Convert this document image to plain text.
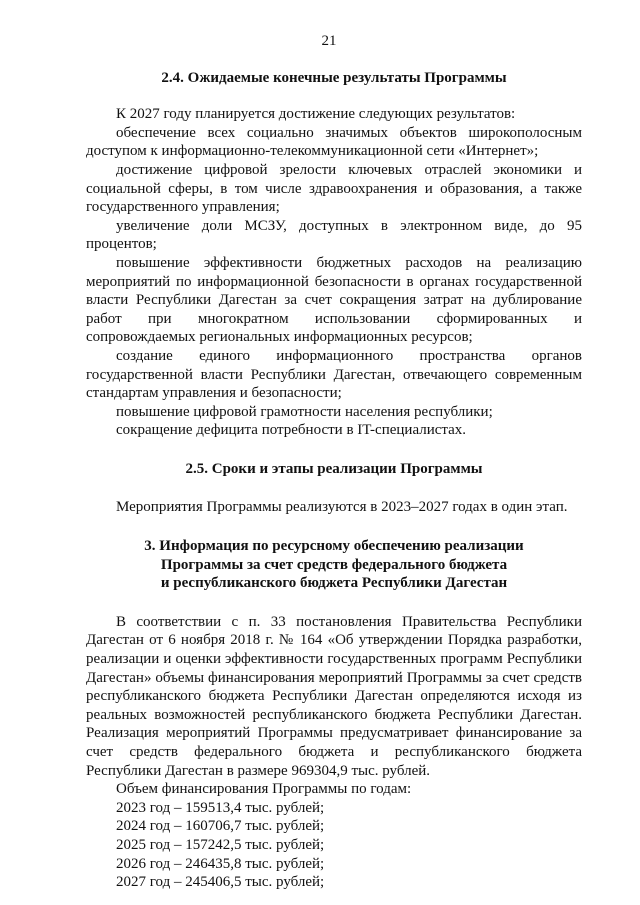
21
2.4. Ожидаемые конечные результаты Программы

К 2027 году планируется достижение следующих результатов:

обеспечение всех социально значимых объектов широкополосным доступом к информационно-телекоммуникационной сети «Интернет»;

достижение цифровой зрелости ключевых отраслей экономики и социальной сферы, в том числе здравоохранения и образования, а также государственного управления;

увеличение доли МСЗУ, доступных в электронном виде, до 95 процентов;

повышение эффективности бюджетных расходов на реализацию мероприятий по информационной безопасности в органах государственной власти Республики Дагестан за счет сокращения затрат на дублирование работ при многократном использовании сформированных и сопровождаемых региональных информационных ресурсов;

создание единого информационного пространства органов государственной власти Республики Дагестан, отвечающего современным стандартам управления и безопасности;

повышение цифровой грамотности населения республики;

сокращение дефицита потребности в IT-специалистах.

2.5. Сроки и этапы реализации Программы

Мероприятия Программы реализуются в 2023–2027 годах в один этап.

3. Информация по ресурсному обеспечению реализации
Программы за счет средств федерального бюджета
и республиканского бюджета Республики Дагестан

В соответствии с п. 33 постановления Правительства Республики Дагестан от 6 ноября 2018 г. № 164 «Об утверждении Порядка разработки, реализации и оценки эффективности государственных программ Республики Дагестан» объемы финансирования мероприятий Программы за счет средств республиканского бюджета Республики Дагестан определяются исходя из реальных возможностей республиканского бюджета Республики Дагестан. Реализация мероприятий Программы предусматривает финансирование за счет средств федерального бюджета и республиканского бюджета Республики Дагестан в размере 969304,9 тыс. рублей.

Объем финансирования Программы по годам:

2023 год – 159513,4 тыс. рублей;
2024 год – 160706,7 тыс. рублей;
2025 год – 157242,5 тыс. рублей;
2026 год – 246435,8 тыс. рублей;
2027 год – 245406,5 тыс. рублей;
